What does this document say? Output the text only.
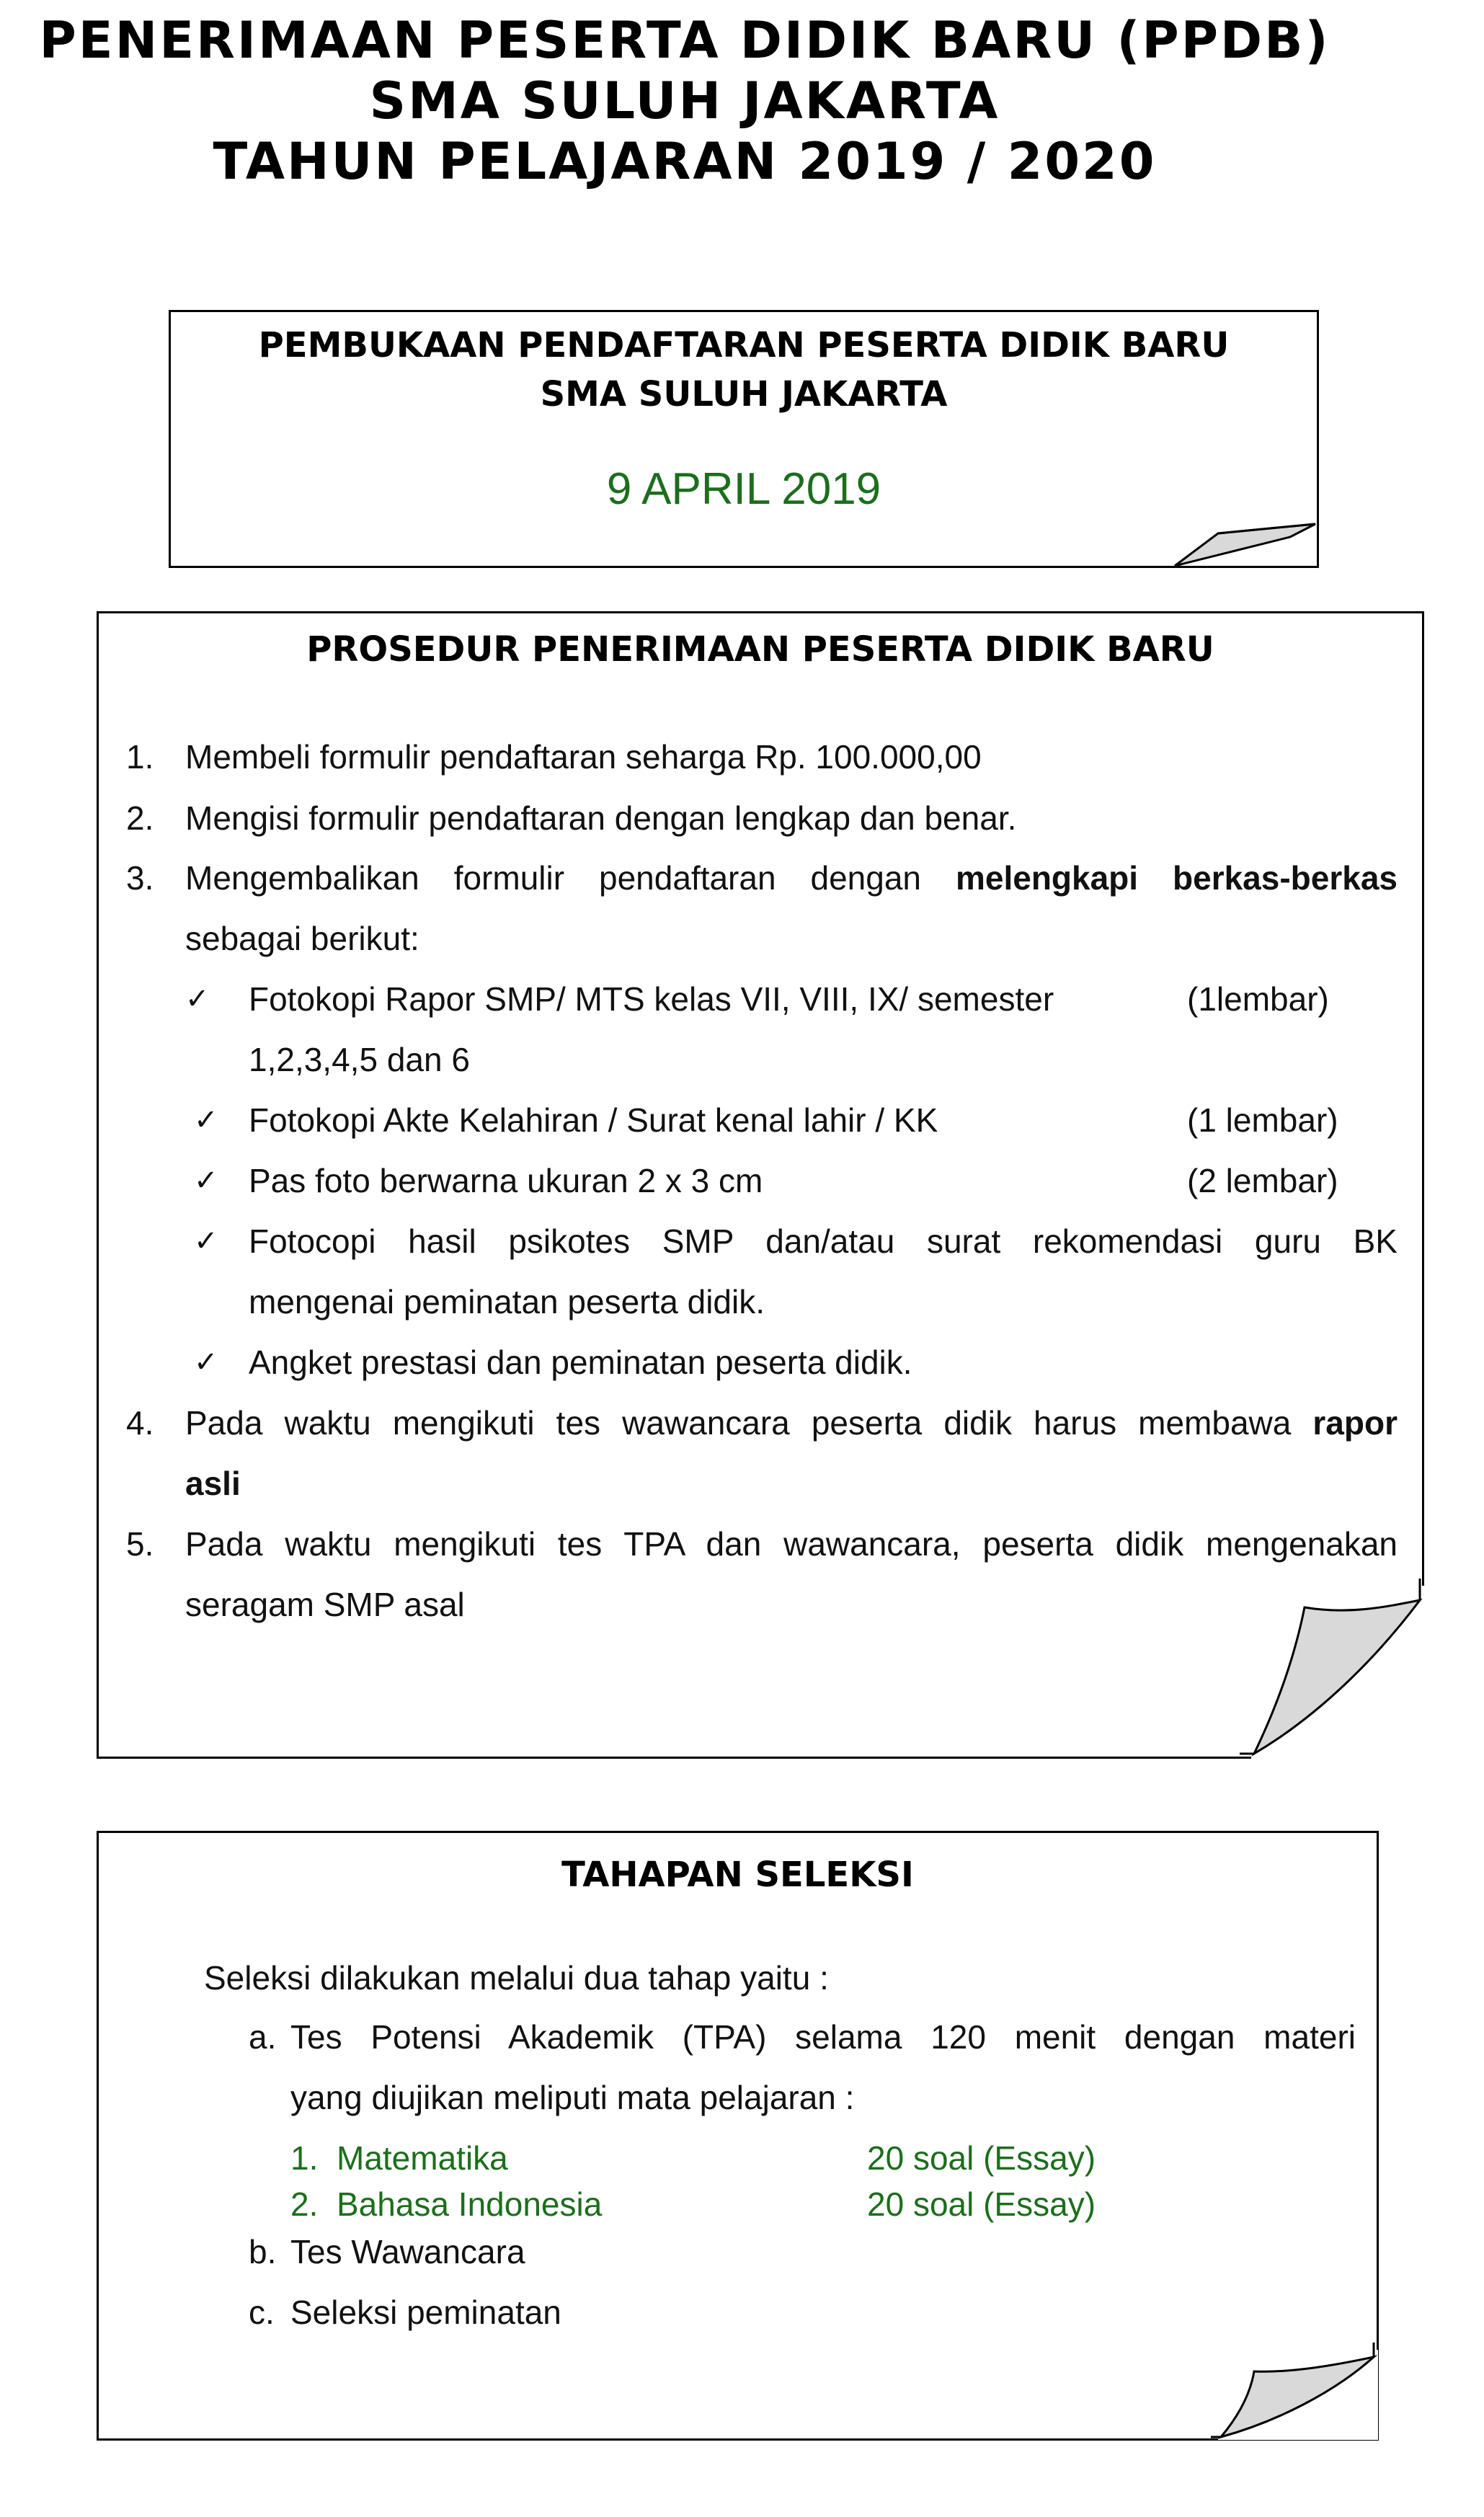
PENERIMAAN PESERTA DIDIK BARU (PPDB)
SMA SULUH JAKARTA
TAHUN PELAJARAN 2019 / 2020
PEMBUKAAN PENDAFTARAN PESERTA DIDIK BARU
SMA SULUH JAKARTA
9 APRIL 2019
PROSEDUR PENERIMAAN PESERTA DIDIK BARU
1. Membeli formulir pendaftaran seharga Rp. 100.000,00
2. Mengisi formulir pendaftaran dengan lengkap dan benar.
3. Mengembalikan formulir pendaftaran dengan melengkapi berkas-berkas
sebagai berikut:
✓ Fotokopi Rapor SMP/ MTS kelas VII, VIII, IX/ semester	(1lembar)
1,2,3,4,5 dan 6
✓ Fotokopi Akte Kelahiran / Surat kenal lahir / KK	(1 lembar)
✓ Pas foto berwarna ukuran 2 x 3 cm	(2 lembar)
✓ Fotocopi hasil psikotes SMP dan/atau surat rekomendasi guru BK
mengenai peminatan peserta didik.
✓ Angket prestasi dan peminatan peserta didik.
4. Pada waktu mengikuti tes wawancara peserta didik harus membawa rapor
asli
5. Pada waktu mengikuti tes TPA dan wawancara, peserta didik mengenakan
seragam SMP asal
TAHAPAN SELEKSI
Seleksi dilakukan melalui dua tahap yaitu :
a. Tes Potensi Akademik (TPA) selama 120 menit dengan materi
yang diujikan meliputi mata pelajaran :
1. Matematika	20 soal (Essay)
2. Bahasa Indonesia	20 soal (Essay)
b. Tes Wawancara
c. Seleksi peminatan
